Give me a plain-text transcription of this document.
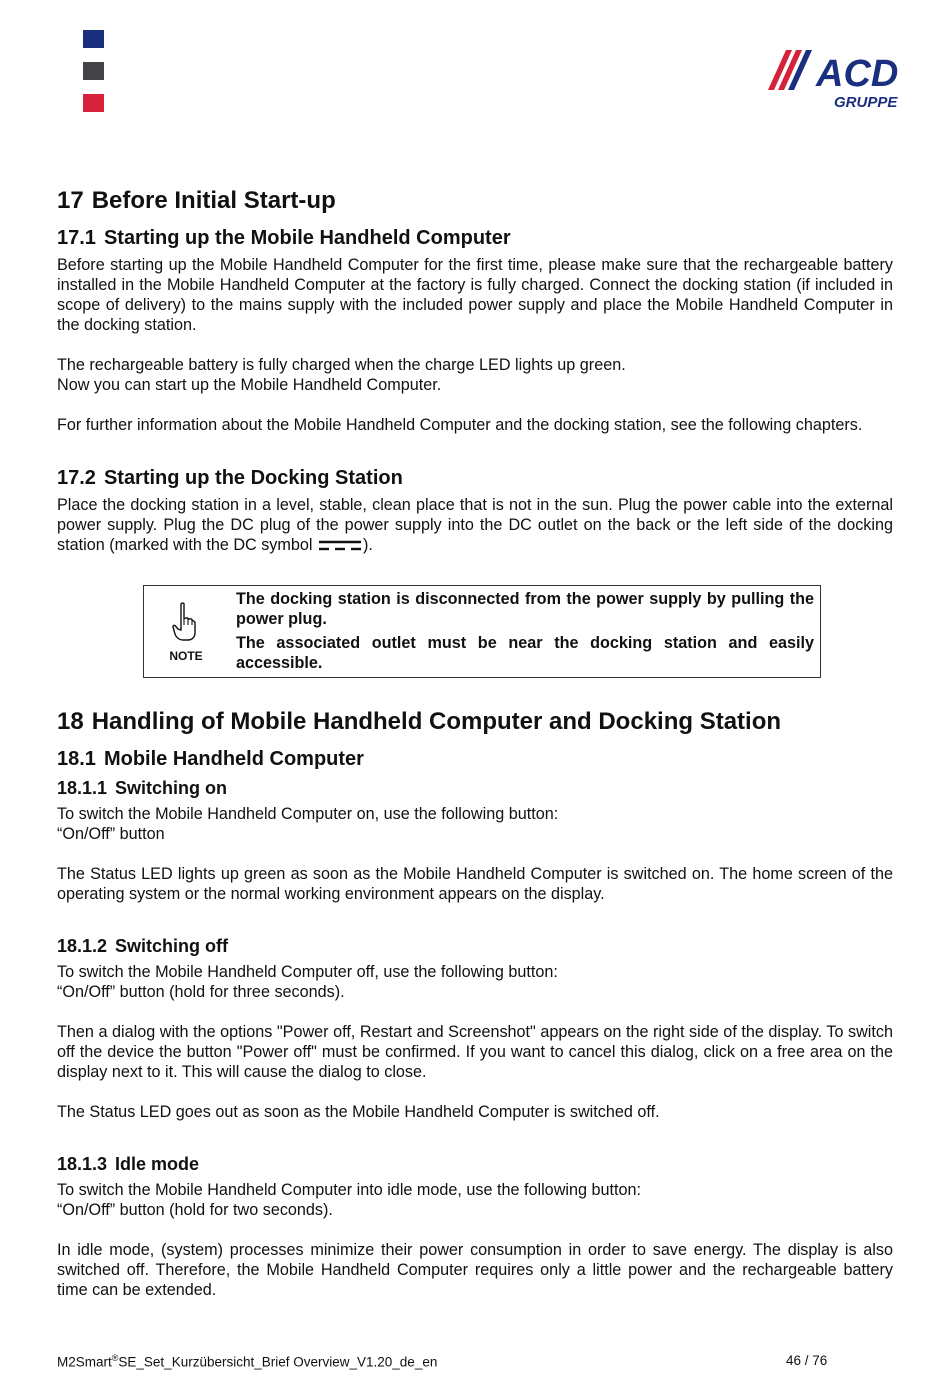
ACD
GRUPPE
17 Before Initial Start-up
17.1 Starting up the Mobile Handheld Computer

Before starting up the Mobile Handheld Computer for the first time, please make sure that the rechargeable battery installed in the Mobile Handheld Computer at the factory is fully charged. Connect the docking station (if included in scope of delivery) to the mains supply with the included power supply and place the Mobile Handheld Computer in the docking station.

The rechargeable battery is fully charged when the charge LED lights up green.

Now you can start up the Mobile Handheld Computer.

For further information about the Mobile Handheld Computer and the docking station, see the following chapters.

17.2 Starting up the Docking Station

Place the docking station in a level, stable, clean place that is not in the sun. Plug the power cable into the external power supply. Plug the DC plug of the power supply into the DC outlet on the back or the left side of the docking station (marked with the DC symbol	).

NOTE

The docking station is disconnected from the power supply by pulling the power plug.

The associated outlet must be near the docking station and easily accessible.

18 Handling of Mobile Handheld Computer and Docking Station
18.1 Mobile Handheld Computer
18.1.1 Switching on

To switch the Mobile Handheld Computer on, use the following button:

“On/Off” button

The Status LED lights up green as soon as the Mobile Handheld Computer is switched on. The home screen of the operating system or the normal working environment appears on the display.

18.1.2 Switching off

To switch the Mobile Handheld Computer off, use the following button:

“On/Off” button (hold for three seconds).

Then a dialog with the options "Power off, Restart and Screenshot" appears on the right side of the display. To switch off the device the button "Power off" must be confirmed. If you want to cancel this dialog, click on a free area on the display next to it. This will cause the dialog to close.

The Status LED goes out as soon as the Mobile Handheld Computer is switched off.

18.1.3 Idle mode

To switch the Mobile Handheld Computer into idle mode, use the following button:

“On/Off” button (hold for two seconds).

In idle mode, (system) processes minimize their power consumption in order to save energy. The display is also switched off. Therefore, the Mobile Handheld Computer requires only a little power and the rechargeable battery time can be extended.

M2Smart®SE_Set_Kurzübersicht_Brief Overview_V1.20_de_en	46 / 76
